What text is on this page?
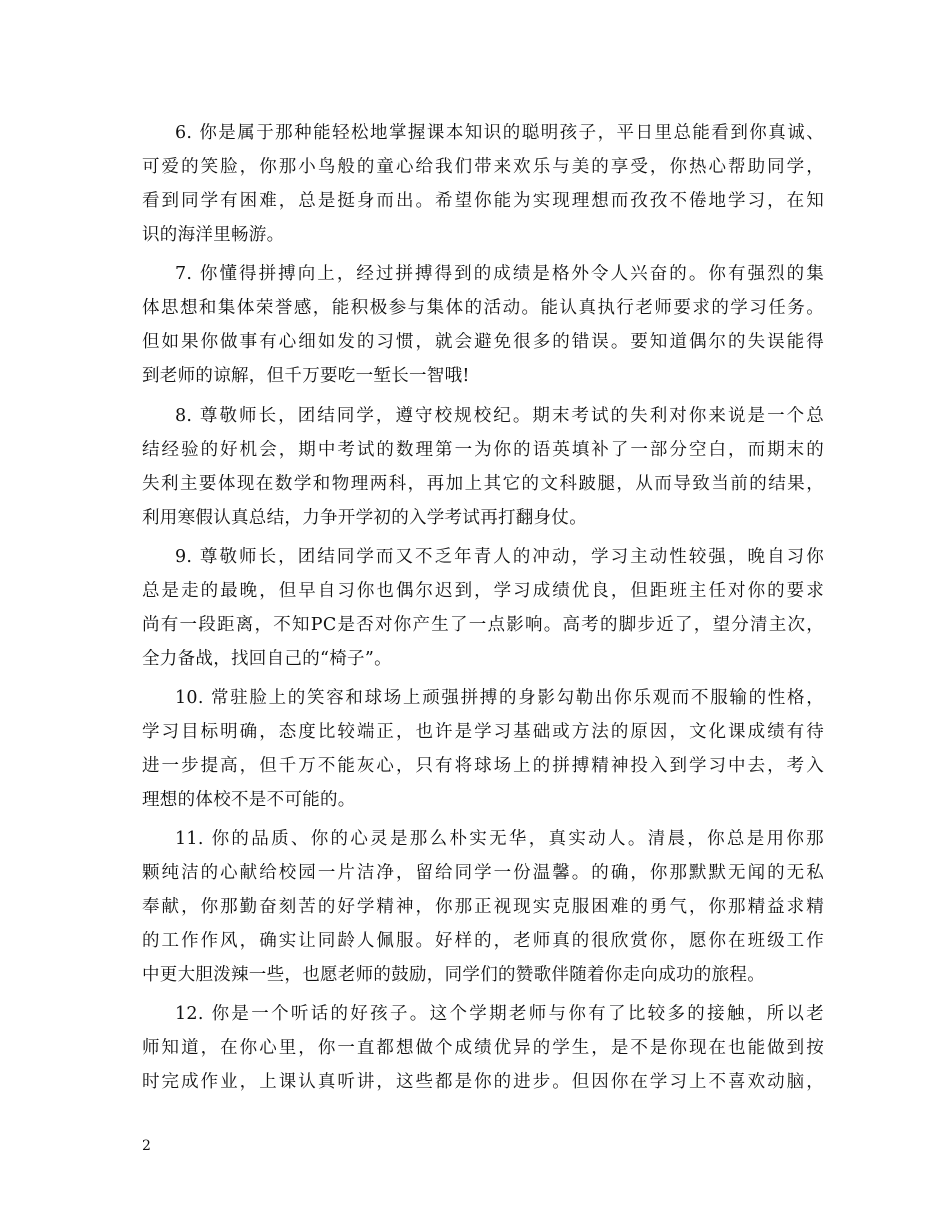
6. 你是属于那种能轻松地掌握课本知识的聪明孩子，平日里总能看到你真诚、
可爱的笑脸，你那小鸟般的童心给我们带来欢乐与美的享受，你热心帮助同学，
看到同学有困难，总是挺身而出。希望你能为实现理想而孜孜不倦地学习，在知
识的海洋里畅游。
7. 你懂得拼搏向上，经过拼搏得到的成绩是格外令人兴奋的。你有强烈的集
体思想和集体荣誉感，能积极参与集体的活动。能认真执行老师要求的学习任务。
但如果你做事有心细如发的习惯，就会避免很多的错误。要知道偶尔的失误能得
到老师的谅解，但千万要吃一堑长一智哦!
8. 尊敬师长，团结同学，遵守校规校纪。期末考试的失利对你来说是一个总
结经验的好机会，期中考试的数理第一为你的语英填补了一部分空白，而期末的
失利主要体现在数学和物理两科，再加上其它的文科跛腿，从而导致当前的结果，
利用寒假认真总结，力争开学初的入学考试再打翻身仗。
9. 尊敬师长，团结同学而又不乏年青人的冲动，学习主动性较强，晚自习你
总是走的最晚，但早自习你也偶尔迟到，学习成绩优良，但距班主任对你的要求
尚有一段距离，不知PC是否对你产生了一点影响。高考的脚步近了，望分清主次，
全力备战，找回自己的“椅子”。
10. 常驻脸上的笑容和球场上顽强拼搏的身影勾勒出你乐观而不服输的性格，
学习目标明确，态度比较端正，也许是学习基础或方法的原因，文化课成绩有待
进一步提高，但千万不能灰心，只有将球场上的拼搏精神投入到学习中去，考入
理想的体校不是不可能的。
11. 你的品质、你的心灵是那么朴实无华，真实动人。清晨，你总是用你那
颗纯洁的心献给校园一片洁净，留给同学一份温馨。的确，你那默默无闻的无私
奉献，你那勤奋刻苦的好学精神，你那正视现实克服困难的勇气，你那精益求精
的工作作风，确实让同龄人佩服。好样的，老师真的很欣赏你，愿你在班级工作
中更大胆泼辣一些，也愿老师的鼓励，同学们的赞歌伴随着你走向成功的旅程。
12. 你是一个听话的好孩子。这个学期老师与你有了比较多的接触，所以老
师知道，在你心里，你一直都想做个成绩优异的学生，是不是你现在也能做到按
时完成作业，上课认真听讲，这些都是你的进步。但因你在学习上不喜欢动脑，
2
